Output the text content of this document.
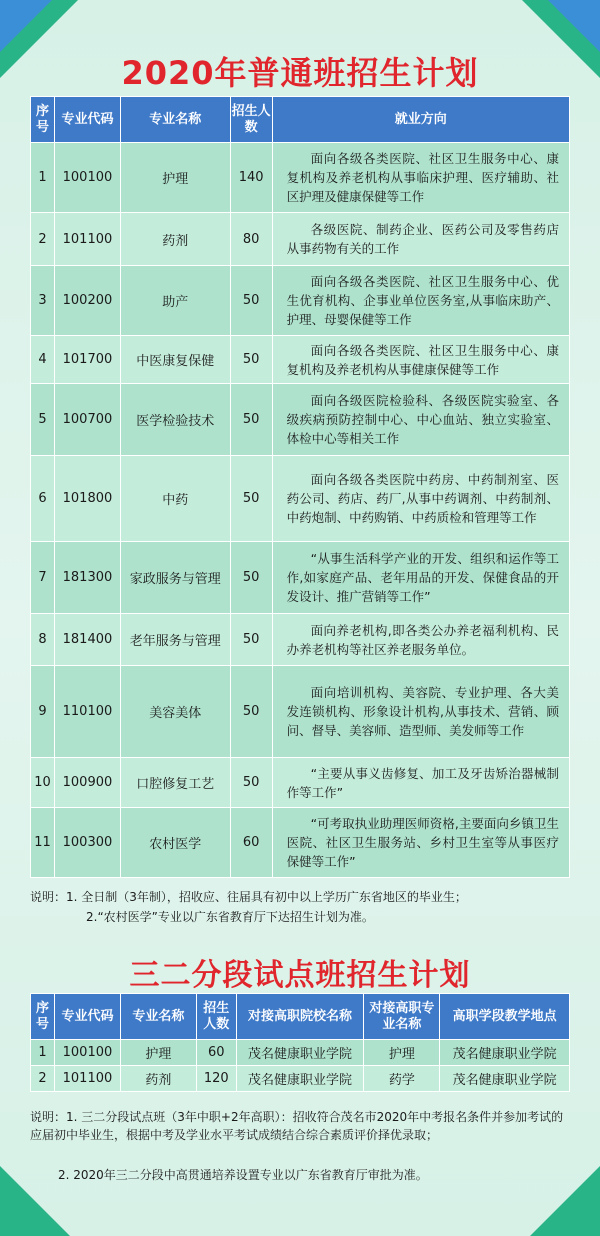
2020年普通班招生计划
序号	专业代码	专业名称	招生人数	就业方向
1	100100	护理	140	面向各级各类医院、社区卫生服务中心、康复机构及养老机构从事临床护理、医疗辅助、社区护理及健康保健等工作
2	101100	药剂	80	各级医院、制药企业、医药公司及零售药店从事药物有关的工作
3	100200	助产	50	面向各级各类医院、社区卫生服务中心、优生优育机构、企事业单位医务室,从事临床助产、护理、母婴保健等工作
4	101700	中医康复保健	50	面向各级各类医院、社区卫生服务中心、康复机构及养老机构从事健康保健等工作
5	100700	医学检验技术	50	面向各级医院检验科、各级医院实验室、各级疾病预防控制中心、中心血站、独立实验室、体检中心等相关工作
6	101800	中药	50	面向各级各类医院中药房、中药制剂室、医药公司、药店、药厂,从事中药调剂、中药制剂、中药炮制、中药购销、中药质检和管理等工作
7	181300	家政服务与管理	50	“从事生活科学产业的开发、组织和运作等工作,如家庭产品、老年用品的开发、保健食品的开发设计、推广营销等工作”
8	181400	老年服务与管理	50	面向养老机构,即各类公办养老福利机构、民办养老机构等社区养老服务单位。
9	110100	美容美体	50	面向培训机构、美容院、专业护理、各大美发连锁机构、形象设计机构,从事技术、营销、顾问、督导、美容师、造型师、美发师等工作
10	100900	口腔修复工艺	50	“主要从事义齿修复、加工及牙齿矫治器械制作等工作”
11	100300	农村医学	60	“可考取执业助理医师资格,主要面向乡镇卫生医院、社区卫生服务站、乡村卫生室等从事医疗保健等工作”
说明：1. 全日制（3年制），招收应、往届具有初中以上学历广东省地区的毕业生；
2.“农村医学”专业以广东省教育厅下达招生计划为准。
三二分段试点班招生计划
序号	专业代码	专业名称	招生人数	对接高职院校名称	对接高职专业名称	高职学段教学地点
1	100100	护理	60	茂名健康职业学院	护理	茂名健康职业学院
2	101100	药剂	120	茂名健康职业学院	药学	茂名健康职业学院
说明：1. 三二分段试点班（3年中职+2年高职）：招收符合茂名市2020年中考报名条件并参加考试的应届初中毕业生，根据中考及学业水平考试成绩结合综合素质评价择优录取；
2. 2020年三二分段中高贯通培养设置专业以广东省教育厅审批为准。
